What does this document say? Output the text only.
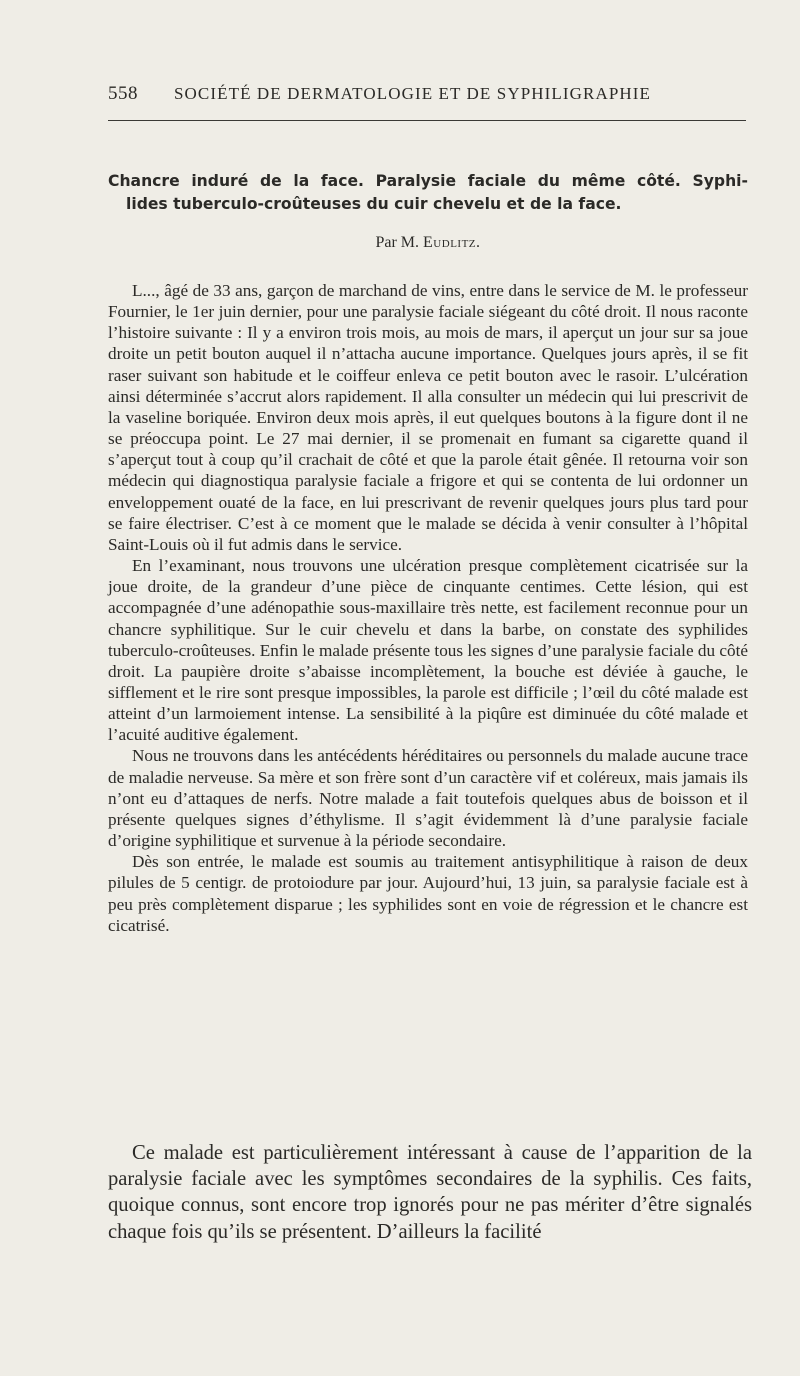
558 SOCIÉTÉ DE DERMATOLOGIE ET DE SYPHILIGRAPHIE
Chancre induré de la face. Paralysie faciale du même côté. Syphi-
lides tuberculo-croûteuses du cuir chevelu et de la face.
Par M. Eudlitz.

L..., âgé de 33 ans, garçon de marchand de vins, entre dans le service de M. le professeur Fournier, le 1er juin dernier, pour une paralysie faciale siégeant du côté droit. Il nous raconte l’histoire suivante : Il y a environ trois mois, au mois de mars, il aperçut un jour sur sa joue droite un petit bouton auquel il n’attacha aucune importance. Quelques jours après, il se fit raser suivant son habitude et le coiffeur enleva ce petit bouton avec le rasoir. L’ulcération ainsi déterminée s’accrut alors rapidement. Il alla consulter un médecin qui lui prescrivit de la vaseline boriquée. Environ deux mois après, il eut quelques boutons à la figure dont il ne se préoccupa point. Le 27 mai dernier, il se promenait en fumant sa cigarette quand il s’aperçut tout à coup qu’il crachait de côté et que la parole était gênée. Il retourna voir son médecin qui diagnostiqua paralysie faciale a frigore et qui se contenta de lui ordonner un enveloppement ouaté de la face, en lui prescrivant de revenir quelques jours plus tard pour se faire électriser. C’est à ce moment que le malade se décida à venir consulter à l’hôpital Saint-Louis où il fut admis dans le service.

En l’examinant, nous trouvons une ulcération presque complètement cicatrisée sur la joue droite, de la grandeur d’une pièce de cinquante centimes. Cette lésion, qui est accompagnée d’une adénopathie sous-maxillaire très nette, est facilement reconnue pour un chancre syphilitique. Sur le cuir chevelu et dans la barbe, on constate des syphilides tuberculo-croûteuses. Enfin le malade présente tous les signes d’une paralysie faciale du côté droit. La paupière droite s’abaisse incomplètement, la bouche est déviée à gauche, le sifflement et le rire sont presque impossibles, la parole est difficile ; l’œil du côté malade est atteint d’un larmoiement intense. La sensibilité à la piqûre est diminuée du côté malade et l’acuité auditive également.

Nous ne trouvons dans les antécédents héréditaires ou personnels du malade aucune trace de maladie nerveuse. Sa mère et son frère sont d’un caractère vif et coléreux, mais jamais ils n’ont eu d’attaques de nerfs. Notre malade a fait toutefois quelques abus de boisson et il présente quelques signes d’éthylisme. Il s’agit évidemment là d’une paralysie faciale d’origine syphilitique et survenue à la période secondaire.

Dès son entrée, le malade est soumis au traitement antisyphilitique à raison de deux pilules de 5 centigr. de protoiodure par jour. Aujourd’hui, 13 juin, sa paralysie faciale est à peu près complètement disparue ; les syphilides sont en voie de régression et le chancre est cicatrisé.

Ce malade est particulièrement intéressant à cause de l’apparition de la paralysie faciale avec les symptômes secondaires de la syphilis. Ces faits, quoique connus, sont encore trop ignorés pour ne pas mériter d’être signalés chaque fois qu’ils se présentent. D’ailleurs la facilité
